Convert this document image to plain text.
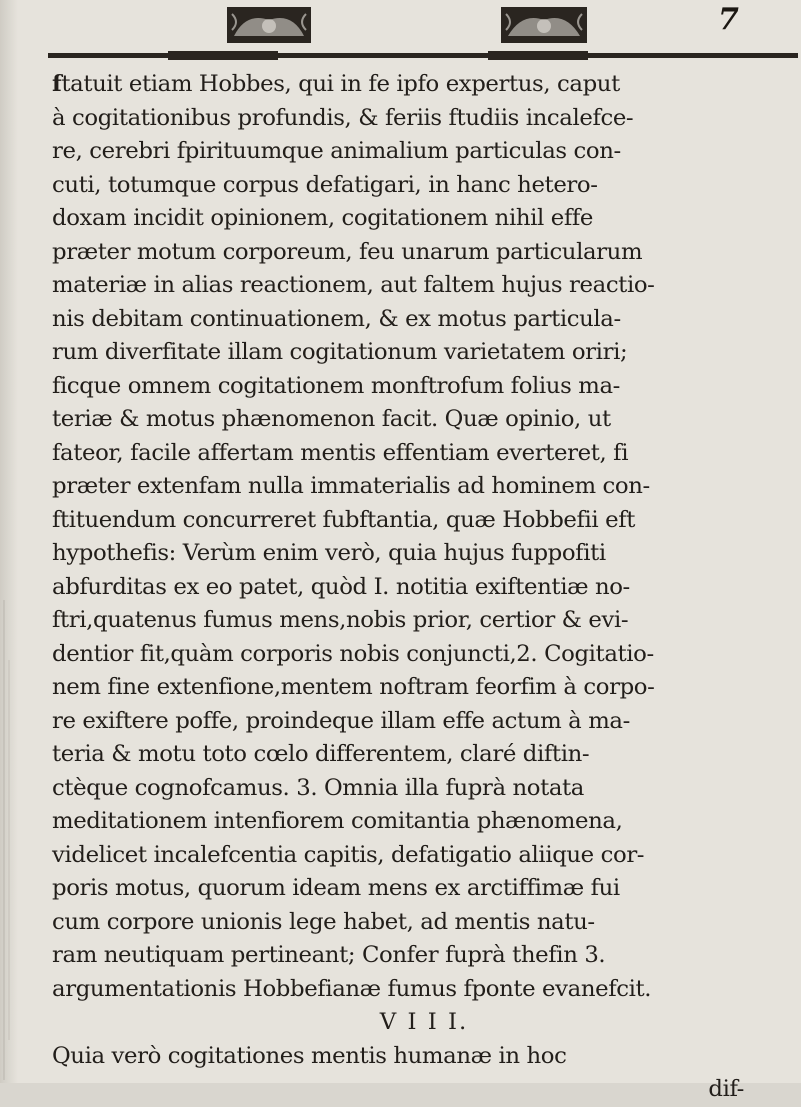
7
ftatuit etiam Hobbes, qui in fe ipfo expertus, caput
à cogitationibus profundis, & feriis ftudiis incalefce-
re, cerebri fpirituumque animalium particulas con-
cuti, totumque corpus defatigari, in hanc hetero-
doxam incidit opinionem, cogitationem nihil effe
præter motum corporeum, feu unarum particularum
materiæ in alias reactionem, aut faltem hujus reactio-
nis debitam continuationem, & ex motus particula-
rum diverfitate illam cogitationum varietatem oriri;
ficque omnem cogitationem monftrofum folius ma-
teriæ & motus phænomenon facit. Quæ opinio, ut
fateor, facile affertam mentis effentiam everteret, fi
præter extenfam nulla immaterialis ad hominem con-
ftituendum concurreret fubftantia, quæ Hobbefii eft
hypothefis: Verùm enim verò, quia hujus fuppofiti
abfurditas ex eo patet, quòd I. notitia exiftentiæ no-
ftri,quatenus fumus mens,nobis prior, certior & evi-
dentior fit,quàm corporis nobis conjuncti,2. Cogitatio-
nem fine extenfione,mentem noftram feorfim à corpo-
re exiftere poffe, proindeque illam effe actum à ma-
teria & motu toto cœlo differentem, claré diftin-
ctèque cognofcamus. 3. Omnia illa fuprà notata
meditationem intenfiorem comitantia phænomena,
videlicet incalefcentia capitis, defatigatio aliique cor-
poris motus, quorum ideam mens ex arctiffimæ fui
cum corpore unionis lege habet, ad mentis natu-
ram neutiquam pertineant; Confer fuprà thefin 3.
argumentationis Hobbefianæ fumus fponte evanefcit.
V I I I.
Quia verò cogitationes mentis humanæ in hoc
dif-
